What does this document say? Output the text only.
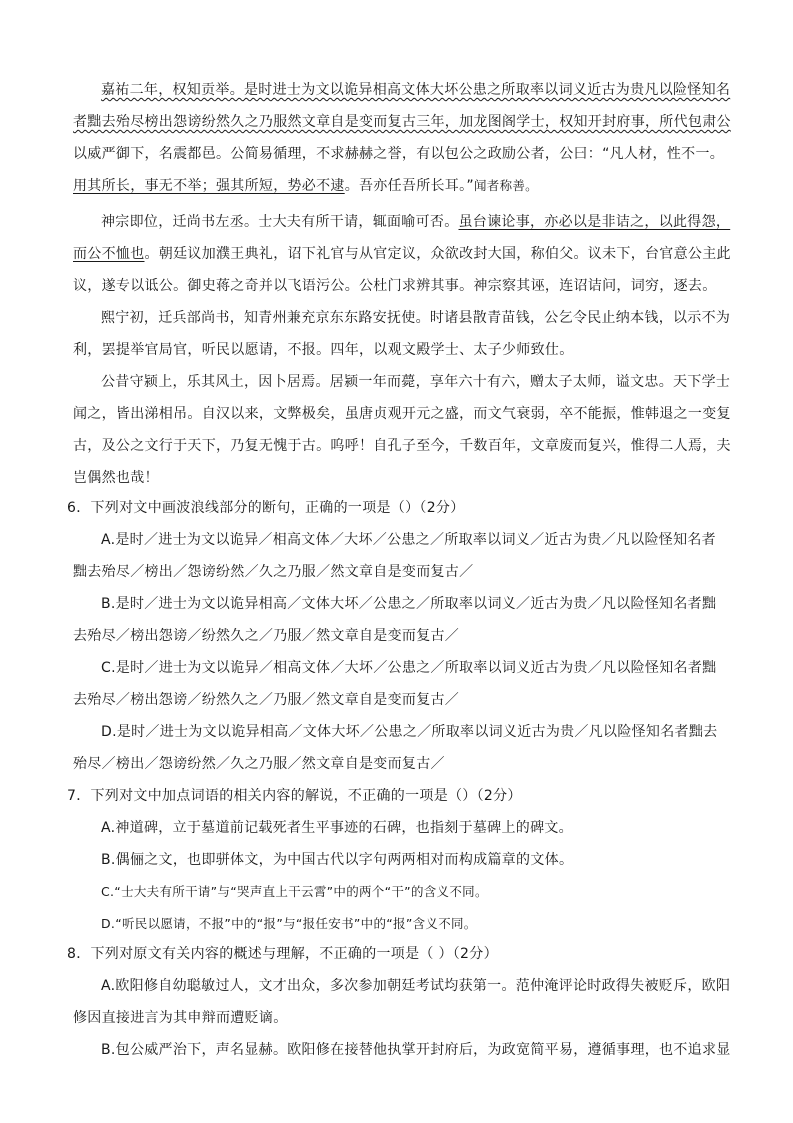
嘉祐二年，权知贡举。是时进士为文以诡异相高文体大坏公患之所取率以词义近古为贵凡以险怪知名
者黜去殆尽榜出怨谤纷然久之乃服然文章自是变而复古三年，加龙图阁学士，权知开封府事，所代包肃公
以威严御下，名震都邑。公简易循理，不求赫赫之誉，有以包公之政励公者，公曰：“凡人材，性不一。
用其所长，事无不举；强其所短，势必不逮。吾亦任吾所长耳。”闻者称善。
神宗即位，迁尚书左丞。士大夫有所干请，辄面喻可否。虽台谏论事，亦必以是非诘之，以此得怨，
而公不恤也。朝廷议加濮王典礼，诏下礼官与从官定议，众欲改封大国，称伯父。议未下，台官意公主此
议，遂专以诋公。御史蒋之奇并以飞语污公。公杜门求辨其事。神宗察其诬，连诏诘问，词穷，逐去。
熙宁初，迁兵部尚书，知青州兼充京东东路安抚使。时诸县散青苗钱，公乞令民止纳本钱，以示不为
利，罢提举官局官，听民以愿请，不报。四年，以观文殿学士、太子少师致仕。
公昔守颍上，乐其风土，因卜居焉。居颍一年而薨，享年六十有六，赠太子太师，谥文忠。天下学士
闻之，皆出涕相吊。自汉以来，文弊极矣，虽唐贞观开元之盛，而文气衰弱，卒不能振，惟韩退之一变复
古，及公之文行于天下，乃复无愧于古。呜呼！自孔子至今，千数百年，文章废而复兴，惟得二人焉，夫
岂偶然也哉！
6．下列对文中画波浪线部分的断句，正确的一项是（）（2分）
A.是时／进士为文以诡异／相高文体／大坏／公患之／所取率以词义／近古为贵／凡以险怪知名者
黜去殆尽／榜出／怨谤纷然／久之乃服／然文章自是变而复古／
B.是时／进士为文以诡异相高／文体大坏／公患之／所取率以词义／近古为贵／凡以险怪知名者黜
去殆尽／榜出怨谤／纷然久之／乃服／然文章自是变而复古／
C.是时／进士为文以诡异／相高文体／大坏／公患之／所取率以词义近古为贵／凡以险怪知名者黜
去殆尽／榜出怨谤／纷然久之／乃服／然文章自是变而复古／
D.是时／进士为文以诡异相高／文体大坏／公患之／所取率以词义近古为贵／凡以险怪知名者黜去
殆尽／榜出／怨谤纷然／久之乃服／然文章自是变而复古／
7．下列对文中加点词语的相关内容的解说，不正确的一项是（）（2分）
A.神道碑，立于墓道前记载死者生平事迹的石碑，也指刻于墓碑上的碑文。
B.偶俪之文，也即骈体文，为中国古代以字句两两相对而构成篇章的文体。
C.“士大夫有所干请”与“哭声直上干云霄”中的两个“干”的含义不同。
D.“听民以愿请，不报”中的“报”与“报任安书”中的“报”含义不同。
8．下列对原文有关内容的概述与理解，不正确的一项是（ ）（2分）
A.欧阳修自幼聪敏过人，文才出众，多次参加朝廷考试均获第一。范仲淹评论时政得失被贬斥，欧阳
修因直接进言为其申辩而遭贬谪。
B.包公威严治下，声名显赫。欧阳修在接替他执掌开封府后，为政宽简平易，遵循事理，也不追求显
